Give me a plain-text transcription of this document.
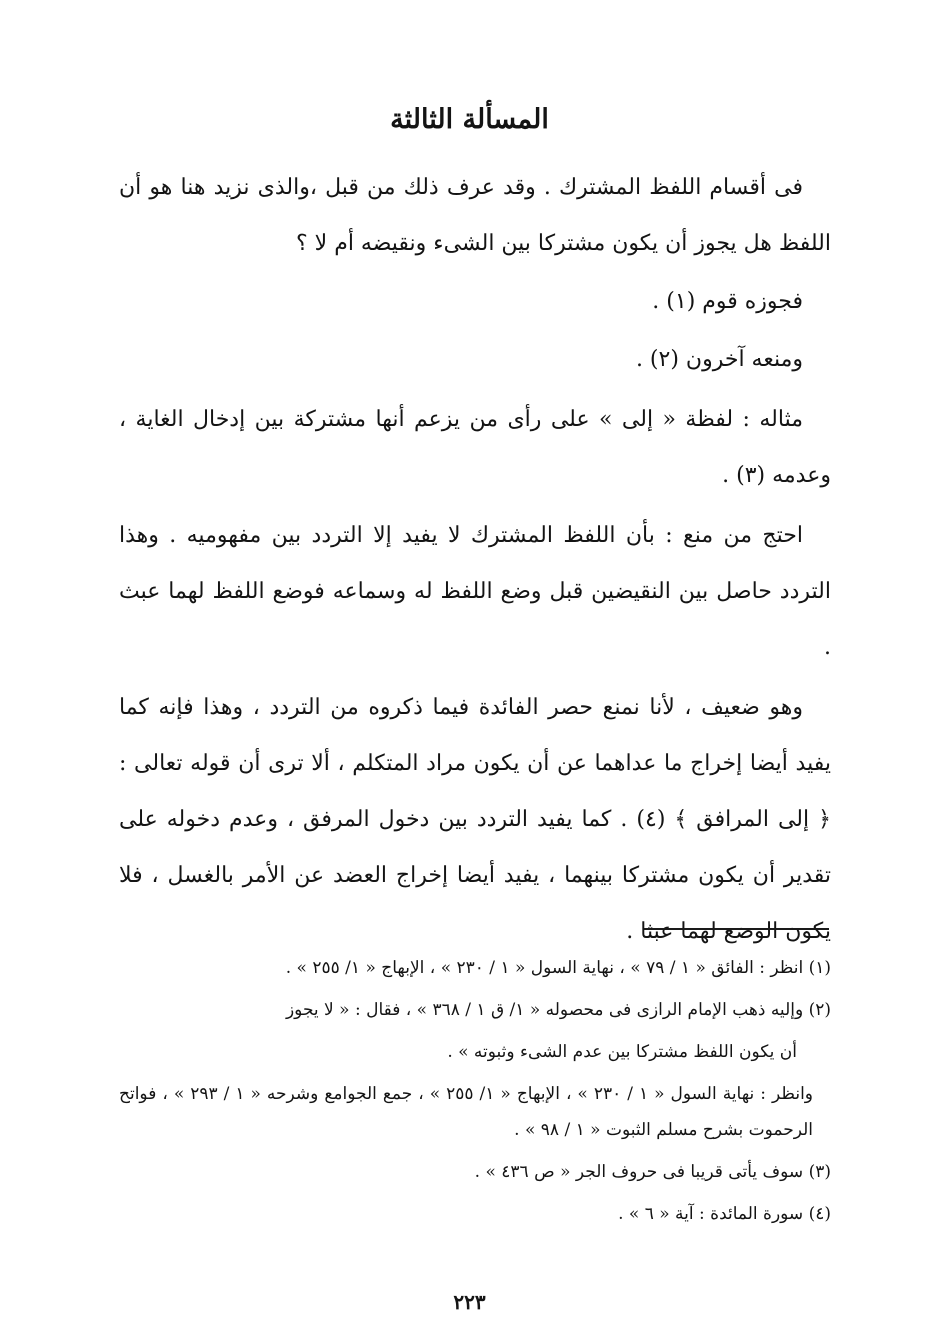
المسألة الثالثة

فى أقسام اللفظ المشترك . وقد عرف ذلك من قبل ،والذى نزيد هنا هو أن اللفظ هل يجوز أن يكون مشتركا بين الشىء ونقيضه أم لا ؟

فجوزه قوم (١) .

ومنعه آخرون (٢) .

مثاله : لفظة « إلى » على رأى من يزعم أنها مشتركة بين إدخال الغاية ، وعدمه (٣) .

احتج من منع : بأن اللفظ المشترك لا يفيد إلا التردد بين مفهوميه . وهذا التردد حاصل بين النقيضين قبل وضع اللفظ له وسماعه فوضع اللفظ لهما عبث .

وهو ضعيف ، لأنا نمنع حصر الفائدة فيما ذكروه من التردد ، وهذا فإنه كما يفيد أيضا إخراج ما عداهما عن أن يكون مراد المتكلم ، ألا ترى أن قوله تعالى : ﴿ إلى المرافق ﴾ (٤) . كما يفيد التردد بين دخول المرفق ، وعدم دخوله على تقدير أن يكون مشتركا بينهما ، يفيد أيضا إخراج العضد عن الأمر بالغسل ، فلا يكون الوضع لهما عبثا .

(١) انظر : الفائق « ١ / ٧٩ » ، نهاية السول « ١ / ٢٣٠ » ، الإبهاج « ١/ ٢٥٥ » .

(٢) وإليه ذهب الإمام الرازى فى محصوله « ١/ ق ١ / ٣٦٨ » ، فقال : « لا يجوز

أن يكون اللفظ مشتركا بين عدم الشىء وثبوته » .

وانظر : نهاية السول « ١ / ٢٣٠ » ، الإبهاج « ١/ ٢٥٥ » ، جمع الجوامع وشرحه « ١ / ٢٩٣ » ، فواتح الرحموت بشرح مسلم الثبوت « ١ / ٩٨ » .

(٣) سوف يأتى قريبا فى حروف الجر « ص ٤٣٦ » .

(٤) سورة المائدة : آية « ٦ » .

٢٢٣
